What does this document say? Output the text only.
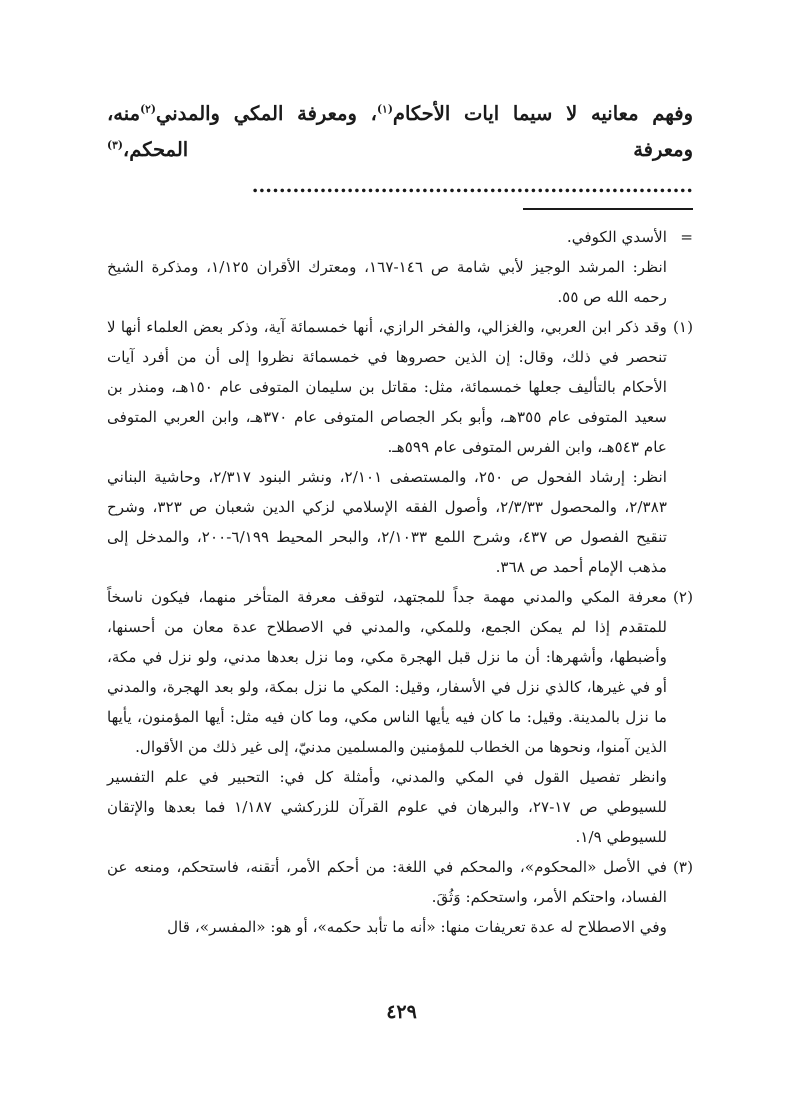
وفهم معانيه لا سيما ايات الأحكام$^{(١)}$، ومعرفة المكي والمدني$^{(٢)}$منه، ومعرفة المحكم،$^{(٣)}$ .................................................................
=

الأسدي الكوفي.

انظر: المرشد الوجيز لأبي شامة ص ١٤٦-١٦٧، ومعترك الأقران ١/١٢٥، ومذكرة الشيخ رحمه الله ص ٥٥.

(١)

وقد ذكر ابن العربي، والغزالي، والفخر الرازي، أنها خمسمائة آية، وذكر بعض العلماء أنها لا تنحصر في ذلك، وقال: إن الذين حصروها في خمسمائة نظروا إلى أن من أفرد آيات الأحكام بالتأليف جعلها خمسمائة، مثل: مقاتل بن سليمان المتوفى عام ١٥٠هـ، ومنذر بن سعيد المتوفى عام ٣٥٥هـ، وأبو بكر الجصاص المتوفى عام ٣٧٠هـ، وابن العربي المتوفى عام ٥٤٣هـ، وابن الفرس المتوفى عام ٥٩٩هـ.

انظر: إرشاد الفحول ص ٢٥٠، والمستصفى ٢/١٠١، ونشر البنود ٢/٣١٧، وحاشية البناني ٢/٣٨٣، والمحصول ٢/٣/٣٣، وأصول الفقه الإسلامي لزكي الدين شعبان ص ٣٢٣، وشرح تنقيح الفصول ص ٤٣٧، وشرح اللمع ٢/١٠٣٣، والبحر المحيط ٦/١٩٩-٢٠٠، والمدخل إلى مذهب الإمام أحمد ص ٣٦٨.

(٢)

معرفة المكي والمدني مهمة جداً للمجتهد، لتوقف معرفة المتأخر منهما، فيكون ناسخاً للمتقدم إذا لم يمكن الجمع، وللمكي، والمدني في الاصطلاح عدة معان من أحسنها، وأضبطها، وأشهرها: أن ما نزل قبل الهجرة مكي، وما نزل بعدها مدني، ولو نزل في مكة، أو في غيرها، كالذي نزل في الأسفار، وقيل: المكي ما نزل بمكة، ولو بعد الهجرة، والمدني ما نزل بالمدينة. وقيل: ما كان فيه يأيها الناس مكي، وما كان فيه مثل: أيها المؤمنون، يأيها الذين آمنوا، ونحوها من الخطاب للمؤمنين والمسلمين مدنيّ، إلى غير ذلك من الأقوال.

وانظر تفصيل القول في المكي والمدني، وأمثلة كل في: التحبير في علم التفسير للسيوطي ص ١٧-٢٧، والبرهان في علوم القرآن للزركشي ١/١٨٧ فما بعدها والإتقان للسيوطي ١/٩.

(٣)

في الأصل «المحكوم»، والمحكم في اللغة: من أحكم الأمر، أتقنه، فاستحكم، ومنعه عن الفساد، واحتكم الأمر، واستحكم: وَثُقَ.

وفي الاصطلاح له عدة تعريفات منها: «أنه ما تأبد حكمه»، أو هو: «المفسر»، قال

٤٢٩
